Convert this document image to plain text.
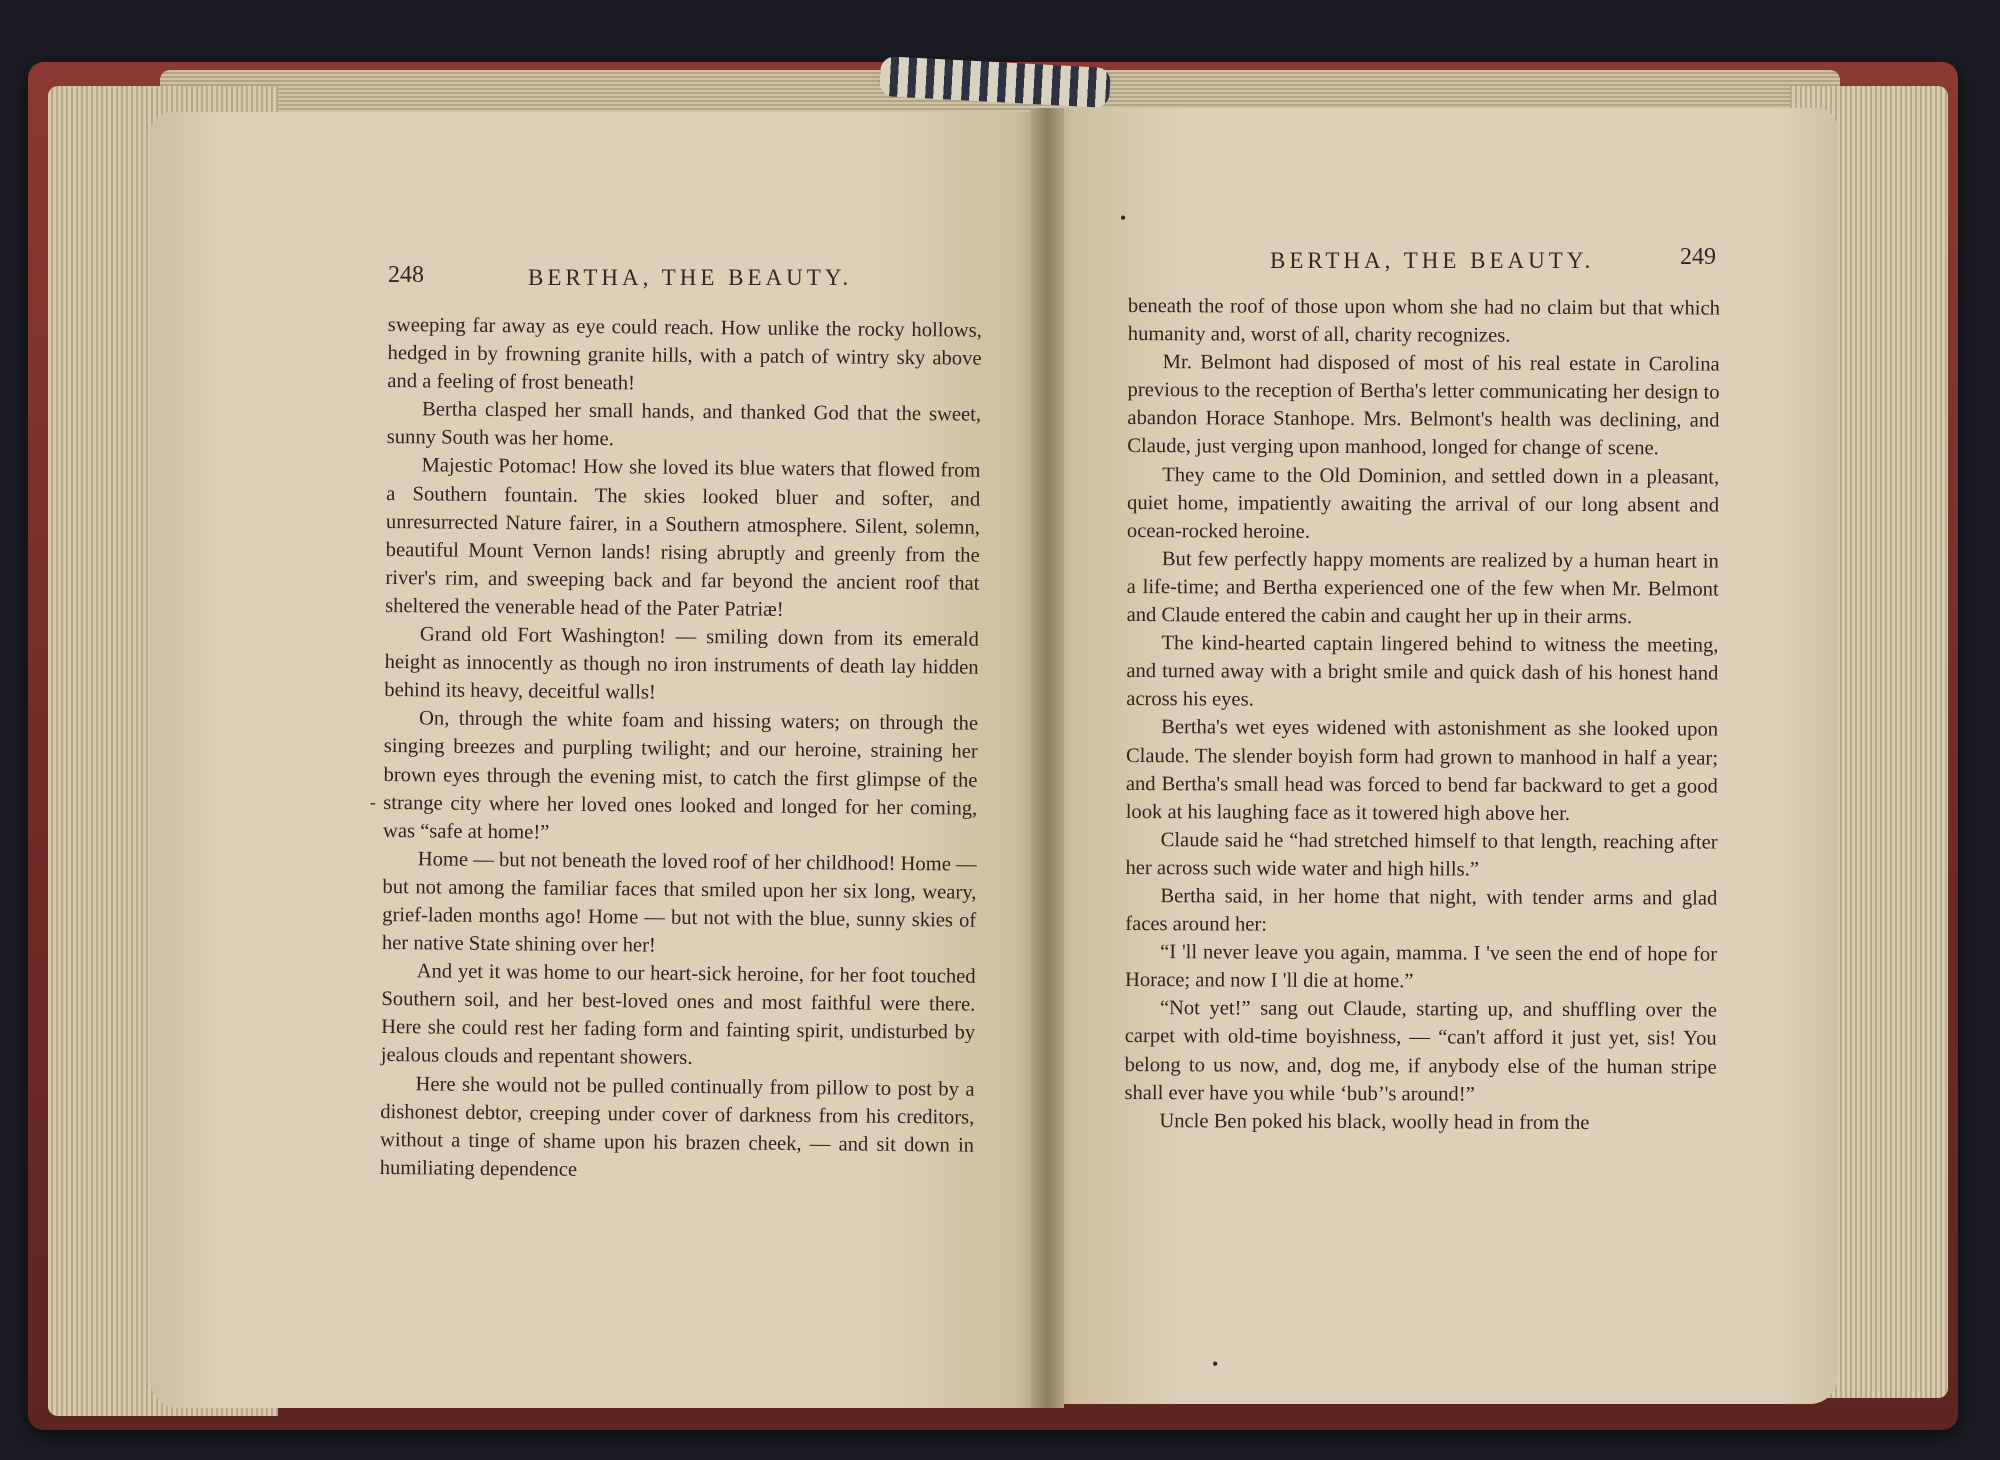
248	BERTHA, THE BEAUTY.

sweeping far away as eye could reach. How unlike the rocky hollows, hedged in by frowning granite hills, with a patch of wintry sky above and a feeling of frost beneath!

Bertha clasped her small hands, and thanked God that the sweet, sunny South was her home.

Majestic Potomac! How she loved its blue waters that flowed from a Southern fountain. The skies looked bluer and softer, and unresurrected Nature fairer, in a Southern atmosphere. Silent, solemn, beautiful Mount Vernon lands! rising abruptly and greenly from the river's rim, and sweeping back and far beyond the ancient roof that sheltered the venerable head of the Pater Patriæ!

Grand old Fort Washington! — smiling down from its emerald height as innocently as though no iron instruments of death lay hidden behind its heavy, deceitful walls!

On, through the white foam and hissing waters; on through the singing breezes and purpling twilight; and our heroine, straining her brown eyes through the evening mist, to catch the first glimpse of the strange city where her loved ones looked and longed for her coming, was “safe at home!”

Home — but not beneath the loved roof of her childhood! Home — but not among the familiar faces that smiled upon her six long, weary, grief-laden months ago! Home — but not with the blue, sunny skies of her native State shining over her!

And yet it was home to our heart-sick heroine, for her foot touched Southern soil, and her best-loved ones and most faithful were there. Here she could rest her fading form and fainting spirit, undisturbed by jealous clouds and repentant showers.

Here she would not be pulled continually from pillow to post by a dishonest debtor, creeping under cover of darkness from his creditors, without a tinge of shame upon his brazen cheek, — and sit down in humiliating dependence

-
BERTHA, THE BEAUTY.	249

beneath the roof of those upon whom she had no claim but that which humanity and, worst of all, charity recognizes.

Mr. Belmont had disposed of most of his real estate in Carolina previous to the reception of Bertha's letter communicating her design to abandon Horace Stanhope. Mrs. Belmont's health was declining, and Claude, just verging upon manhood, longed for change of scene.

They came to the Old Dominion, and settled down in a pleasant, quiet home, impatiently awaiting the arrival of our long absent and ocean-rocked heroine.

But few perfectly happy moments are realized by a human heart in a life-time; and Bertha experienced one of the few when Mr. Belmont and Claude entered the cabin and caught her up in their arms.

The kind-hearted captain lingered behind to witness the meeting, and turned away with a bright smile and quick dash of his honest hand across his eyes.

Bertha's wet eyes widened with astonishment as she looked upon Claude. The slender boyish form had grown to manhood in half a year; and Bertha's small head was forced to bend far backward to get a good look at his laughing face as it towered high above her.

Claude said he “had stretched himself to that length, reaching after her across such wide water and high hills.”

Bertha said, in her home that night, with tender arms and glad faces around her:

“I 'll never leave you again, mamma. I 've seen the end of hope for Horace; and now I 'll die at home.”

“Not yet!” sang out Claude, starting up, and shuffling over the carpet with old-time boyishness, — “can't afford it just yet, sis! You belong to us now, and, dog me, if anybody else of the human stripe shall ever have you while ‘bub’'s around!”

Uncle Ben poked his black, woolly head in from the

•
•
